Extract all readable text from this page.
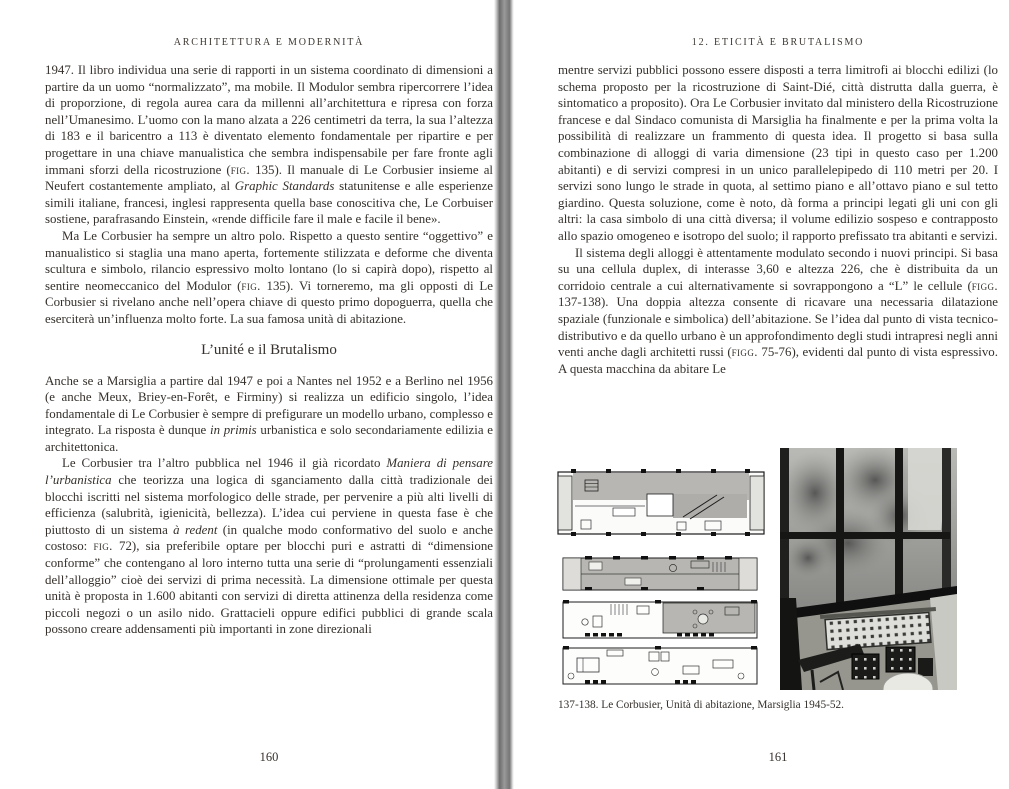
ARCHITETTURA E MODERNITÀ

1947. Il libro individua una serie di rapporti in un sistema coordinato di dimensioni a partire da un uomo “normalizzato”, ma mobile. Il Modulor sembra ripercorrere l’idea di proporzione, di regola aurea cara da millenni all’architettura e ripresa con forza nell’Umanesimo. L’uomo con la mano alzata a 226 centimetri da terra, la sua l’altezza di 183 e il baricentro a 113 è diventato elemento fondamentale per ripartire e per progettare in una chiave manualistica che sembra indispensabile per fare fronte agli immani sforzi della ricostruzione (fig. 135). Il manuale di Le Corbusier insieme al Neufert costantemente ampliato, al Graphic Standards statunitense e alle esperienze simili italiane, francesi, inglesi rappresenta quella base conoscitiva che, Le Corbuiser sostiene, parafrasando Einstein, «rende difficile fare il male e facile il bene».

Ma Le Corbusier ha sempre un altro polo. Rispetto a questo sentire “oggettivo” e manualistico si staglia una mano aperta, fortemente stilizzata e deforme che diventa scultura e simbolo, rilancio espressivo molto lontano (lo si capirà dopo), rispetto al sentire neomeccanico del Modulor (fig. 135). Vi torneremo, ma gli opposti di Le Corbusier si rivelano anche nell’opera chiave di questo primo dopoguerra, quella che eserciterà un’influenza molto forte. La sua famosa unità di abitazione.

L’unité e il Brutalismo

Anche se a Marsiglia a partire dal 1947 e poi a Nantes nel 1952 e a Berlino nel 1956 (e anche Meux, Briey-en-Forêt, e Firminy) si realizza un edificio singolo, l’idea fondamentale di Le Corbusier è sempre di prefigurare un modello urbano, complesso e integrato. La risposta è dunque in primis urbanistica e solo secondariamente edilizia e architettonica.

Le Corbusier tra l’altro pubblica nel 1946 il già ricordato Maniera di pensare l’urbanistica che teorizza una logica di sganciamento dalla città tradizionale dei blocchi iscritti nel sistema morfologico delle strade, per pervenire a più alti livelli di efficienza (salubrità, igienicità, bellezza). L’idea cui perviene in questa fase è che piuttosto di un sistema à redent (in qualche modo conformativo del suolo e anche costoso: fig. 72), sia preferibile optare per blocchi puri e astratti di “dimensione conforme” che contengano al loro interno tutta una serie di “prolungamenti essenziali dell’alloggio” cioè dei servizi di prima necessità. La dimensione ottimale per questa unità è proposta in 1.600 abitanti con servizi di diretta attinenza della residenza come piccoli negozi o un asilo nido. Grattacieli oppure edifici pubblici di grande scala possono creare addensamenti più importanti in zone direzionali

160
12. ETICITÀ E BRUTALISMO

mentre servizi pubblici possono essere disposti a terra limitrofi ai blocchi edilizi (lo schema proposto per la ricostruzione di Saint-Dié, città distrutta dalla guerra, è sintomatico a proposito). Ora Le Corbusier invitato dal ministero della Ricostruzione francese e dal Sindaco comunista di Marsiglia ha finalmente e per la prima volta la possibilità di realizzare un frammento di questa idea. Il progetto si basa sulla combinazione di alloggi di varia dimensione (23 tipi in questo caso per 1.200 abitanti) e di servizi compresi in un unico parallelepipedo di 110 metri per 20. I servizi sono lungo le strade in quota, al settimo piano e all’ottavo piano e sul tetto giardino. Questa soluzione, come è noto, dà forma a principi legati gli uni con gli altri: la casa simbolo di una città diversa; il volume edilizio sospeso e contrapposto allo spazio omogeneo e isotropo del suolo; il rapporto prefissato tra abitanti e servizi.

Il sistema degli alloggi è attentamente modulato secondo i nuovi principi. Si basa su una cellula duplex, di interasse 3,60 e altezza 226, che è distribuita da un corridoio centrale a cui alternativamente si sovrappongono a “L” le cellule (figg. 137-138). Una doppia altezza consente di ricavare una necessaria dilatazione spaziale (funzionale e simbolica) dell’abitazione. Se l’idea dal punto di vista tecnico-distributivo e da quello urbano è un approfondimento degli studi intrapresi negli anni venti anche dagli architetti russi (figg. 75-76), evidenti dal punto di vista espressivo. A questa macchina da abitare Le

137-138. Le Corbusier, Unità di abitazione, Marsiglia 1945-52.
161
